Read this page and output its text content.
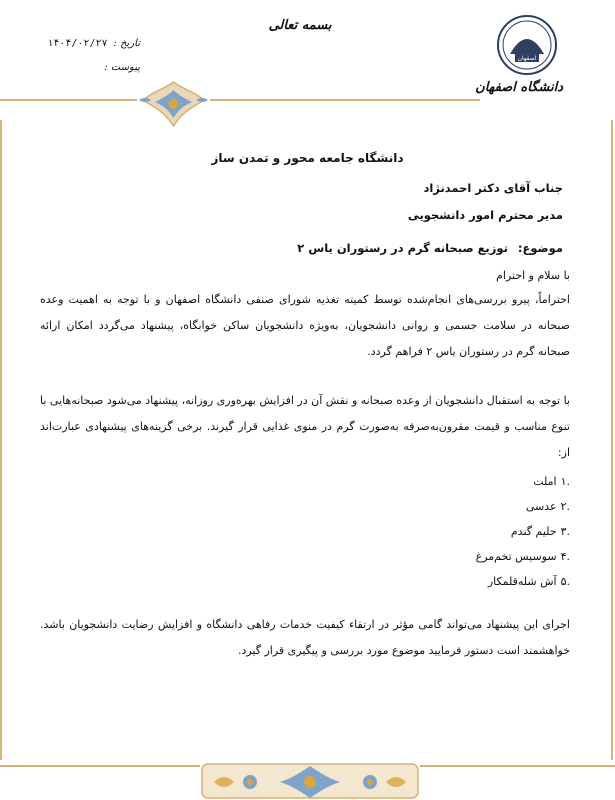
اصفهان
دانشگاه اصفهان
بسمه تعالی
تاریخ :
۱۴۰۴/۰۲/۲۷
پیوست :
دانشگاه جامعه محور و تمدن ساز
جناب آقای دکتر احمدنژاد
مدیر محترم امور دانشجویی
موضوع:
توزیع صبحانه گرم در رستوران یاس ۲
با سلام و احترام
احتراماً، پیرو بررسی‌های انجام‌شده توسط کمیته تغذیه شورای صنفی دانشگاه اصفهان و با توجه به اهمیت وعده صبحانه در سلامت جسمی و روانی دانشجویان، به‌ویژه دانشجویان ساکن خوابگاه، پیشنهاد می‌گردد امکان ارائه صبحانه گرم در رستوران یاس ۲ فراهم گردد.
با توجه به استقبال دانشجویان از وعده صبحانه و نقش آن در افزایش بهره‌وری روزانه، پیشنهاد می‌شود صبحانه‌هایی با تنوع مناسب و قیمت مقرون‌به‌صرفه به‌صورت گرم در منوی غذایی قرار گیرند. برخی گزینه‌های پیشنهادی عبارت‌اند از:
۱.
املت
۲.
عدسی
۳.
حلیم گندم
۴.
سوسیس تخم‌مرغ
۵.
آش شله‌قلمکار
اجرای این پیشنهاد می‌تواند گامی مؤثر در ارتقاء کیفیت خدمات رفاهی دانشگاه و افزایش رضایت دانشجویان باشد. خواهشمند است دستور فرمایید موضوع مورد بررسی و پیگیری قرار گیرد.
